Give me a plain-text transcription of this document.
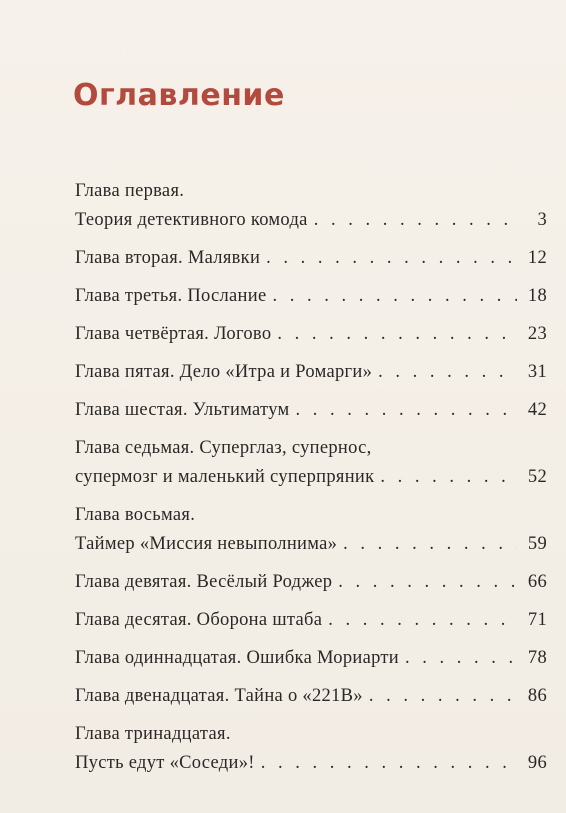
Оглавление
Глава первая.
Теория детективного комода . . .	3
Глава вторая. Малявки . . .	12
Глава третья. Послание . . .	18
Глава четвёртая. Логово . . .	23
Глава пятая. Дело «Итра и Ромарги» . . .	31
Глава шестая. Ультиматум . . .	42
Глава седьмая. Суперглаз, супернос,
супермозг и маленький суперпряник . . .	52
Глава восьмая.
Таймер «Миссия невыполнима» . . .	59
Глава девятая. Весёлый Роджер . . .	66
Глава десятая. Оборона штаба . . .	71
Глава одиннадцатая. Ошибка Мориарти . . .	78
Глава двенадцатая. Тайна о «221В» . . .	86
Глава тринадцатая.
Пусть едут «Соседи»! . . .	96
